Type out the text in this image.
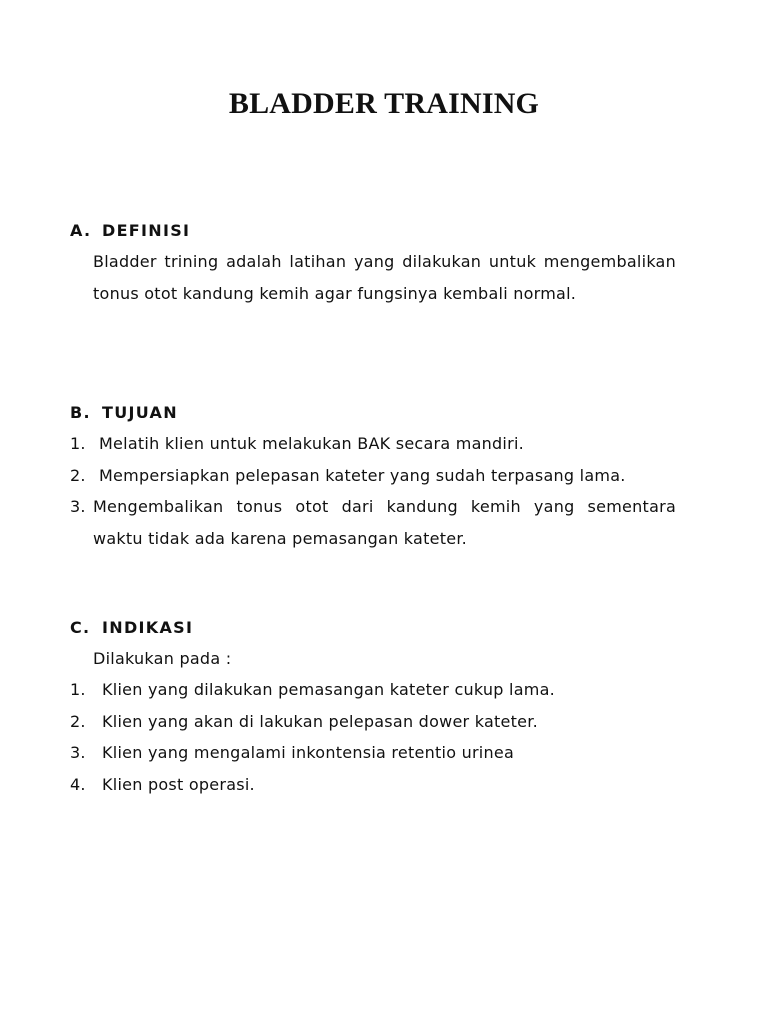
BLADDER TRAINING
A. DEFINISI
Bladder trining adalah latihan yang dilakukan untuk mengembalikan tonus otot kandung kemih agar fungsinya kembali normal.
B. TUJUAN
1. Melatih klien untuk melakukan BAK secara mandiri.
2. Mempersiapkan pelepasan kateter yang sudah terpasang lama.
3. Mengembalikan tonus otot dari kandung kemih yang sementara waktu tidak ada karena pemasangan kateter.
C. INDIKASI
Dilakukan pada :
1.	Klien yang dilakukan pemasangan kateter cukup lama.
2.	Klien yang akan di lakukan pelepasan dower kateter.
3.	Klien yang mengalami inkontensia retentio urinea
4.	Klien post operasi.
